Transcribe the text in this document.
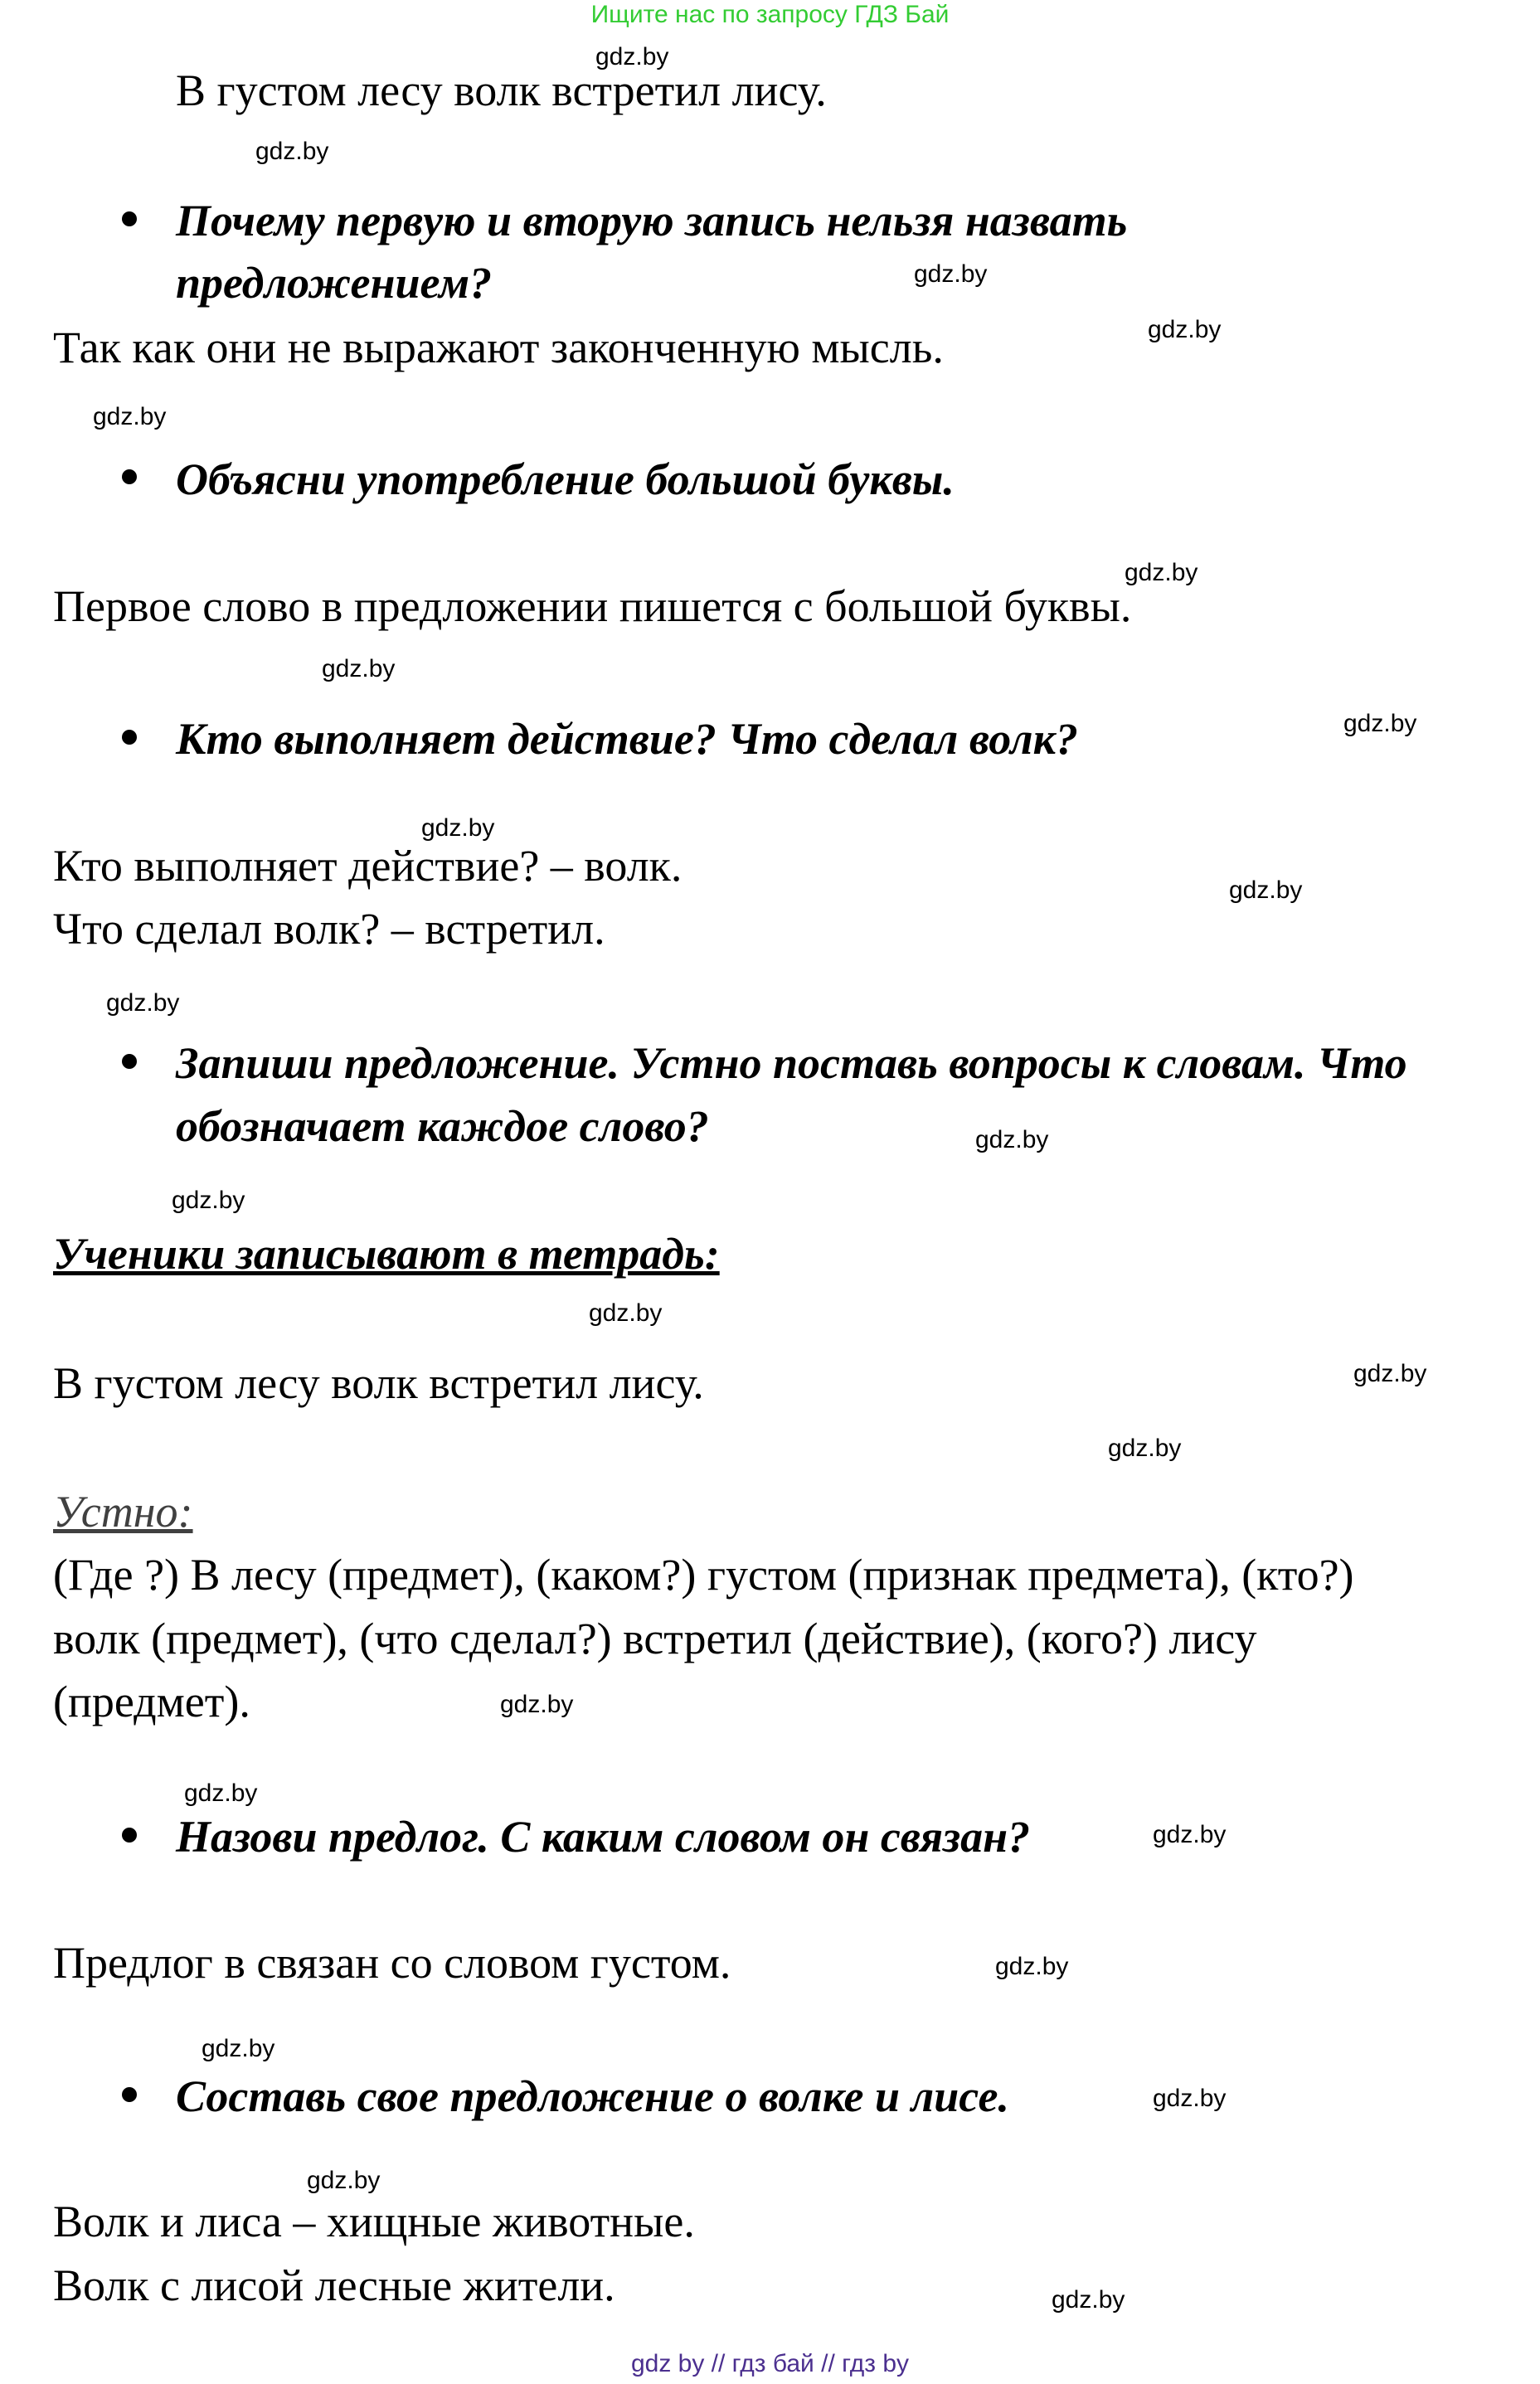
Ищите нас по запросу ГДЗ Бай
gdz.by
gdz.by
gdz.by
gdz.by
gdz.by
gdz.by
gdz.by
gdz.by
gdz.by
gdz.by
gdz.by
gdz.by
gdz.by
gdz.by
gdz.by
gdz.by
gdz.by
gdz.by
gdz.by
gdz.by
gdz.by
gdz.by
gdz.by
gdz.by
В густом лесу волк встретил лису.
Почему первую и вторую запись нельзя назвать
предложением?
Так как они не выражают законченную мысль.
Объясни употребление большой буквы.
Первое слово в предложении пишется с большой буквы.
Кто выполняет действие? Что сделал волк?
Кто выполняет действие? – волк.
Что сделал волк? – встретил.
Запиши предложение. Устно поставь вопросы к словам. Что
обозначает каждое слово?
Ученики записывают в тетрадь:
В густом лесу волк встретил лису.
Устно:
(Где ?) В лесу (предмет), (каком?) густом (признак предмета), (кто?)
волк (предмет), (что сделал?) встретил (действие), (кого?) лису
(предмет).
Назови предлог. С каким словом он связан?
Предлог в связан со словом густом.
Составь свое предложение о волке и лисе.
Волк и лиса – хищные животные.
Волк с лисой лесные жители.
gdz by // гдз бай // гдз by
